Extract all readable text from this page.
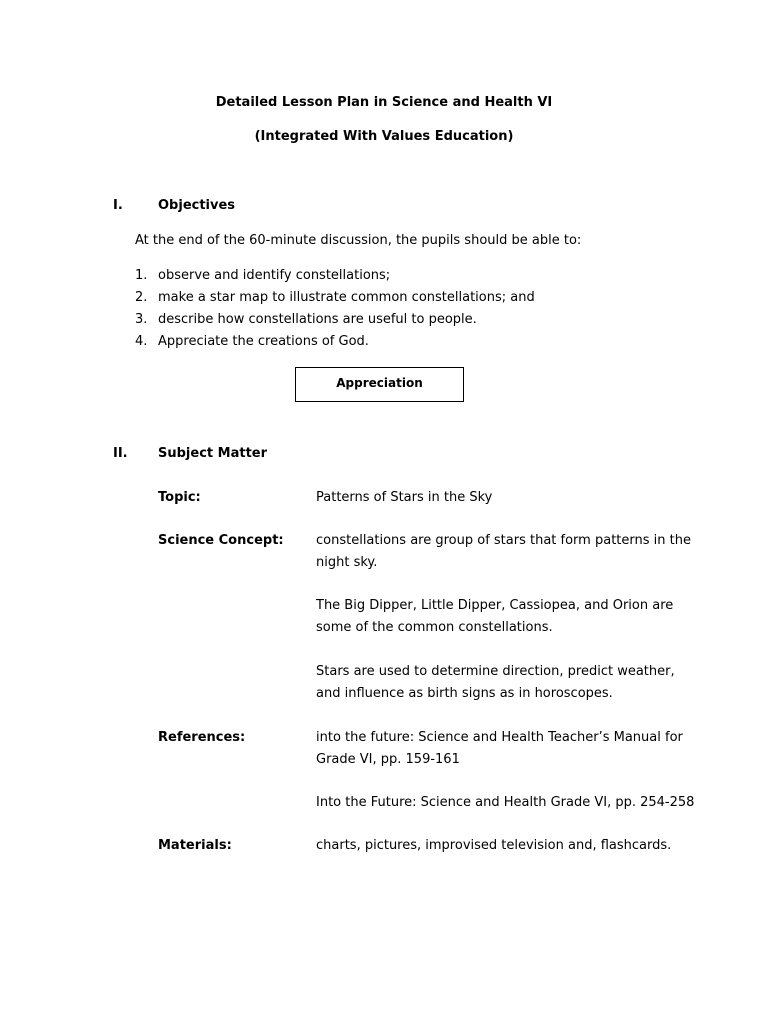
Detailed Lesson Plan in Science and Health VI
(Integrated With Values Education)
I.	Objectives
At the end of the 60-minute discussion, the pupils should be able to:
1. observe and identify constellations;
2. make a star map to illustrate common constellations; and
3. describe how constellations are useful to people.
4. Appreciate the creations of God.
Appreciation
II. Subject Matter
Topic:	Patterns of Stars in the Sky
Science Concept: constellations are group of stars that form patterns in the
night sky.
The Big Dipper, Little Dipper, Cassiopea, and Orion are
some of the common constellations.
Stars are used to determine direction, predict weather,
and influence as birth signs as in horoscopes.
References:	into the future: Science and Health Teacher’s Manual for
Grade VI, pp. 159-161
Into the Future: Science and Health Grade VI, pp. 254-258
Materials:	charts, pictures, improvised television and, flashcards.
